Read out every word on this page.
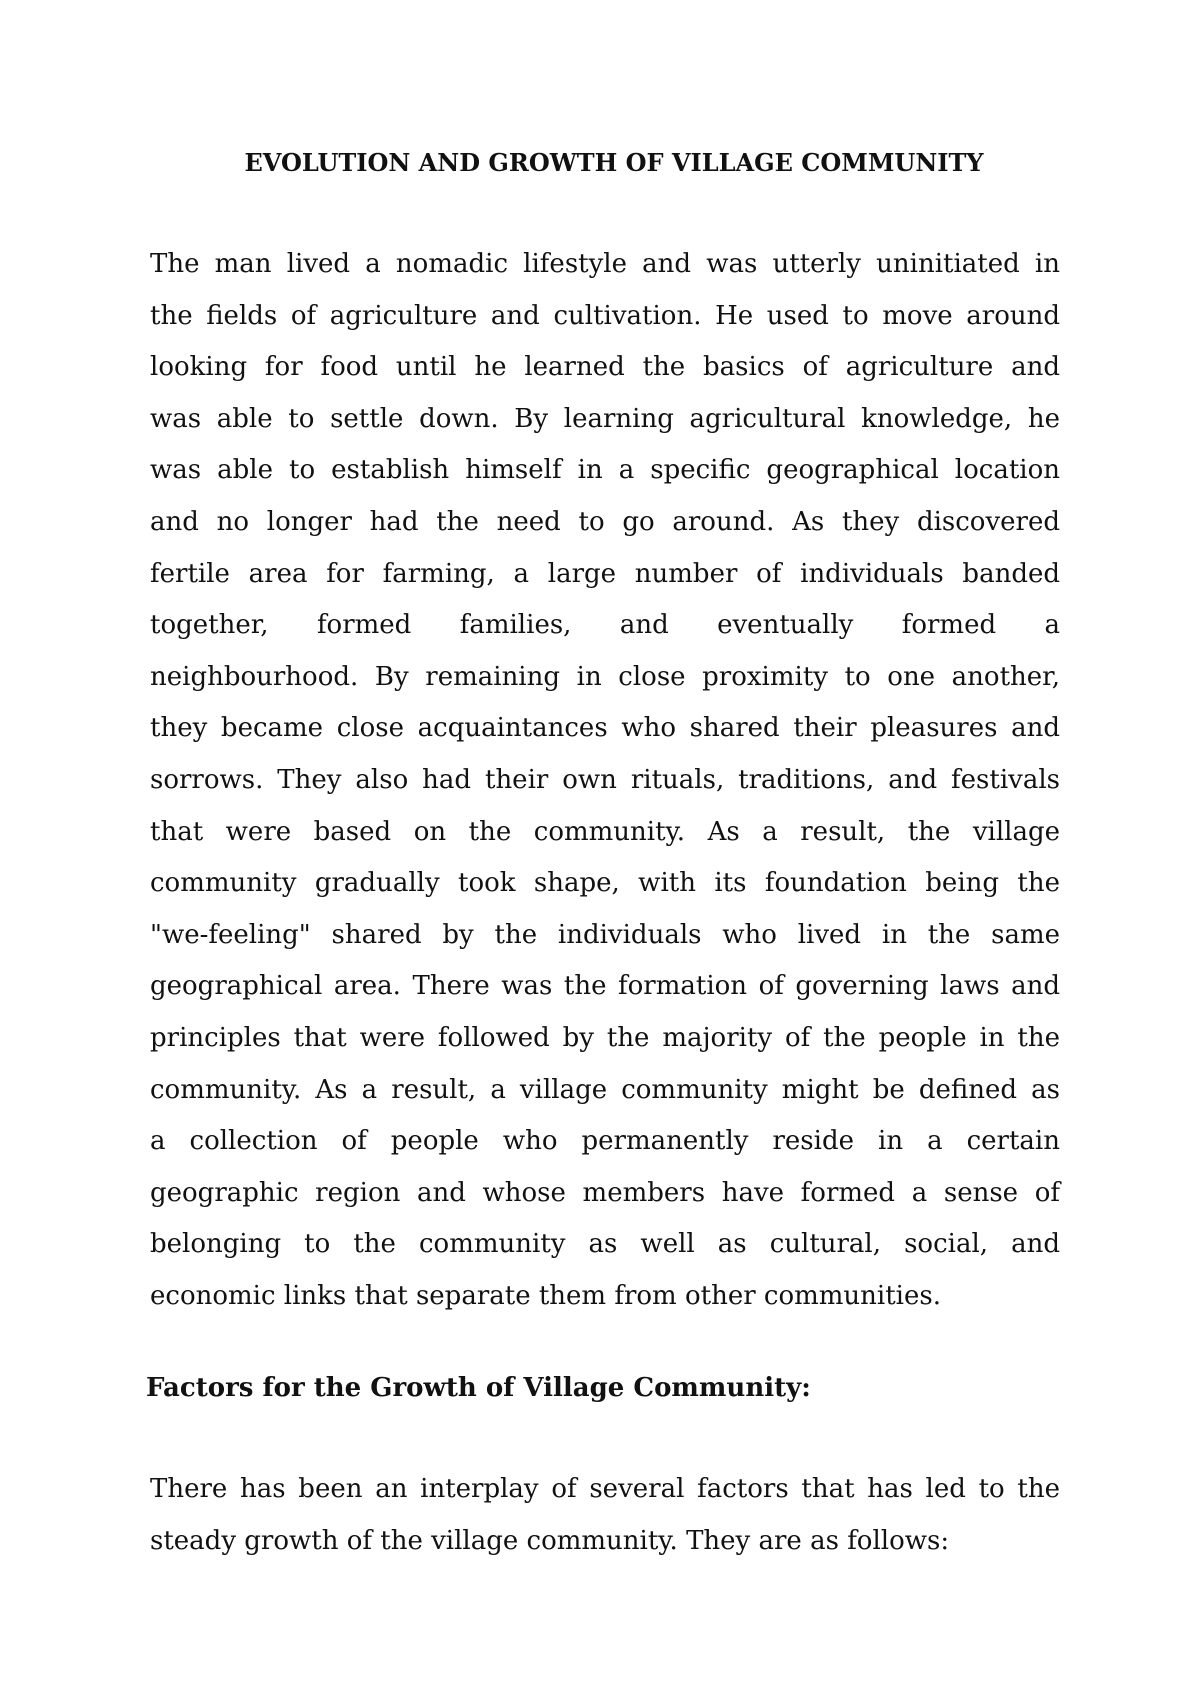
EVOLUTION AND GROWTH OF VILLAGE COMMUNITY

The man lived a nomadic lifestyle and was utterly uninitiated in
the fields of agriculture and cultivation. He used to move around
looking for food until he learned the basics of agriculture and
was able to settle down. By learning agricultural knowledge, he
was able to establish himself in a specific geographical location
and no longer had the need to go around. As they discovered
fertile area for farming, a large number of individuals banded
together, formed families, and eventually formed a
neighbourhood. By remaining in close proximity to one another,
they became close acquaintances who shared their pleasures and
sorrows. They also had their own rituals, traditions, and festivals
that were based on the community. As a result, the village
community gradually took shape, with its foundation being the
"we-feeling" shared by the individuals who lived in the same
geographical area. There was the formation of governing laws and
principles that were followed by the majority of the people in the
community. As a result, a village community might be defined as
a collection of people who permanently reside in a certain
geographic region and whose members have formed a sense of
belonging to the community as well as cultural, social, and
economic links that separate them from other communities.

Factors for the Growth of Village Community:

There has been an interplay of several factors that has led to the
steady growth of the village community. They are as follows:
